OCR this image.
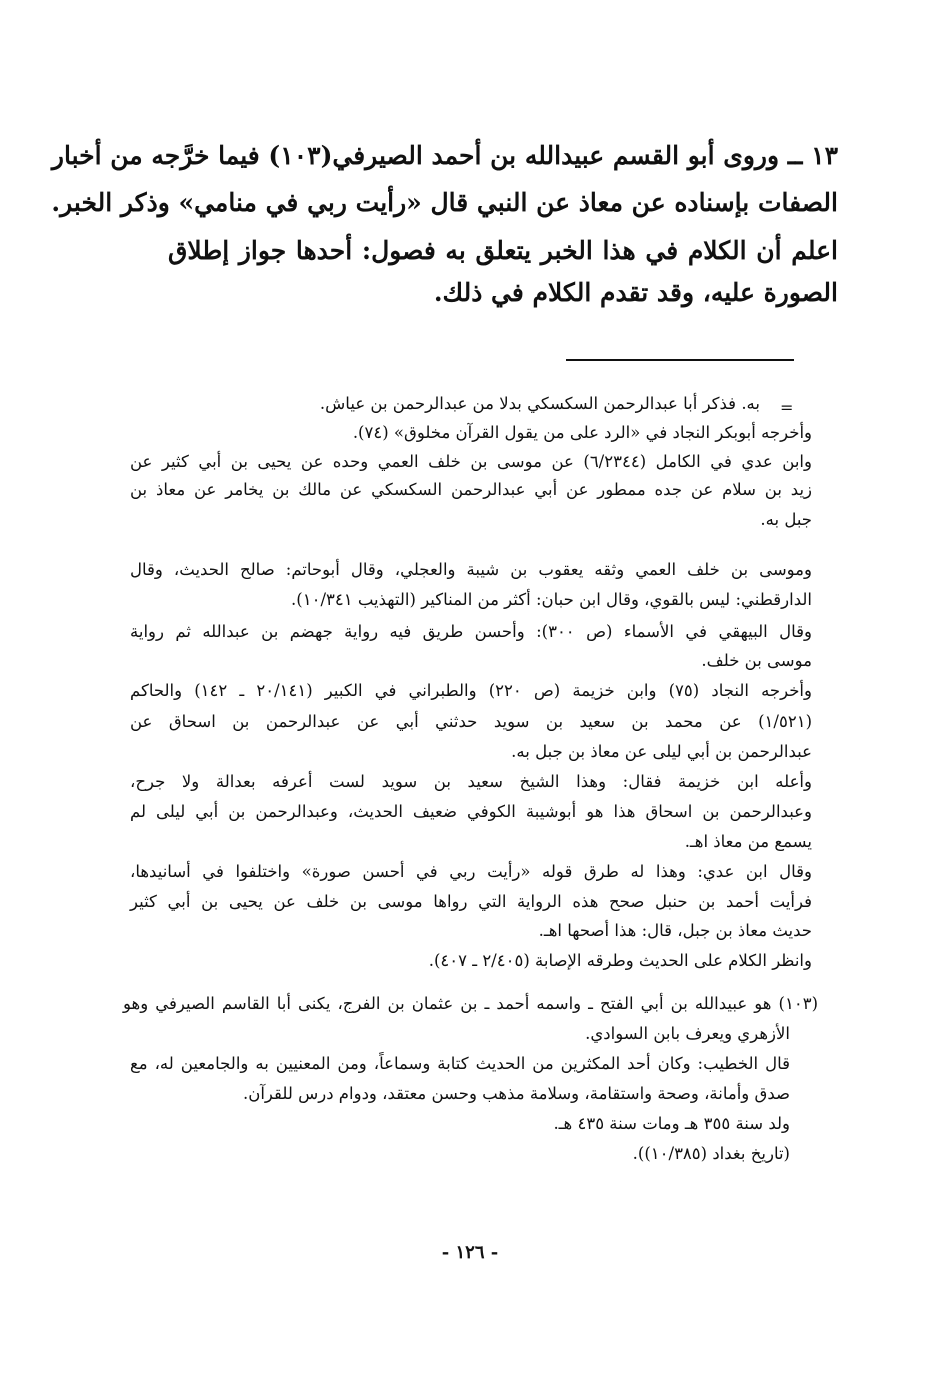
١٣ ــ وروى أبو القسم عبيدالله بن أحمد الصيرفي(١٠٣) فيما خرَّجه من أخبار
الصفات بإسناده عن معاذ عن النبي قال «رأيت ربي في منامي» وذكر الخبر.
اعلم أن الكلام في هذا الخبر يتعلق به فصول: أحدها جواز إطلاق
الصورة عليه، وقد تقدم الكلام في ذلك.
=
به. فذكر أبا عبدالرحمن السكسكي بدلا من عبدالرحمن بن عياش.
وأخرجه أبوبكر النجاد في «الرد على من يقول القرآن مخلوق» (٧٤).
وابن عدي في الكامل (٦/٢٣٤٤) عن موسى بن خلف العمي وحده عن يحيى بن أبي كثير عن
زيد بن سلام عن جده ممطور عن أبي عبدالرحمن السكسكي عن مالك بن يخامر عن معاذ بن
جبل به.
وموسى بن خلف العمي وثقه يعقوب بن شيبة والعجلي، وقال أبوحاتم: صالح الحديث، وقال
الدارقطني: ليس بالقوي، وقال ابن حبان: أكثر من المناكير (التهذيب ١٠/٣٤١).
وقال البيهقي في الأسماء (ص ٣٠٠): وأحسن طريق فيه رواية جهضم بن عبدالله ثم رواية
موسى بن خلف.
وأخرجه النجاد (٧٥) وابن خزيمة (ص ٢٢٠) والطبراني في الكبير (٢٠/١٤١ ـ ١٤٢) والحاكم
(١/٥٢١) عن محمد بن سعيد بن سويد حدثني أبي عن عبدالرحمن بن اسحاق عن
عبدالرحمن بن أبي ليلى عن معاذ بن جبل به.
وأعله ابن خزيمة فقال: وهذا الشيخ سعيد بن سويد لست أعرفه بعدالة ولا جرح،
وعبدالرحمن بن اسحاق هذا هو أبوشيبة الكوفي ضعيف الحديث، وعبدالرحمن بن أبي ليلى لم
يسمع من معاذ اهـ.
وقال ابن عدي: وهذا له طرق قوله «رأيت ربي في أحسن صورة» واختلفوا في أسانيدها،
فرأيت أحمد بن حنبل صحح هذه الرواية التي رواها موسى بن خلف عن يحيى بن أبي كثير
حديث معاذ بن جبل، قال: هذا أصحها اهـ.
وانظر الكلام على الحديث وطرقه الإصابة (٢/٤٠٥ ـ ٤٠٧).
(١٠٣) هو عبيدالله بن أبي الفتح ـ واسمه أحمد ـ بن عثمان بن الفرج، يكنى أبا القاسم الصيرفي وهو
الأزهري ويعرف بابن السوادي.
قال الخطيب: وكان أحد المكثرين من الحديث كتابة وسماعاً، ومن المعنيين به والجامعين له، مع
صدق وأمانة، وصحة واستقامة، وسلامة مذهب وحسن معتقد، ودوام درس للقرآن.
ولد سنة ٣٥٥ هـ ومات سنة ٤٣٥ هـ.
(تاريخ بغداد (١٠/٣٨٥)).
- ١٢٦ -
